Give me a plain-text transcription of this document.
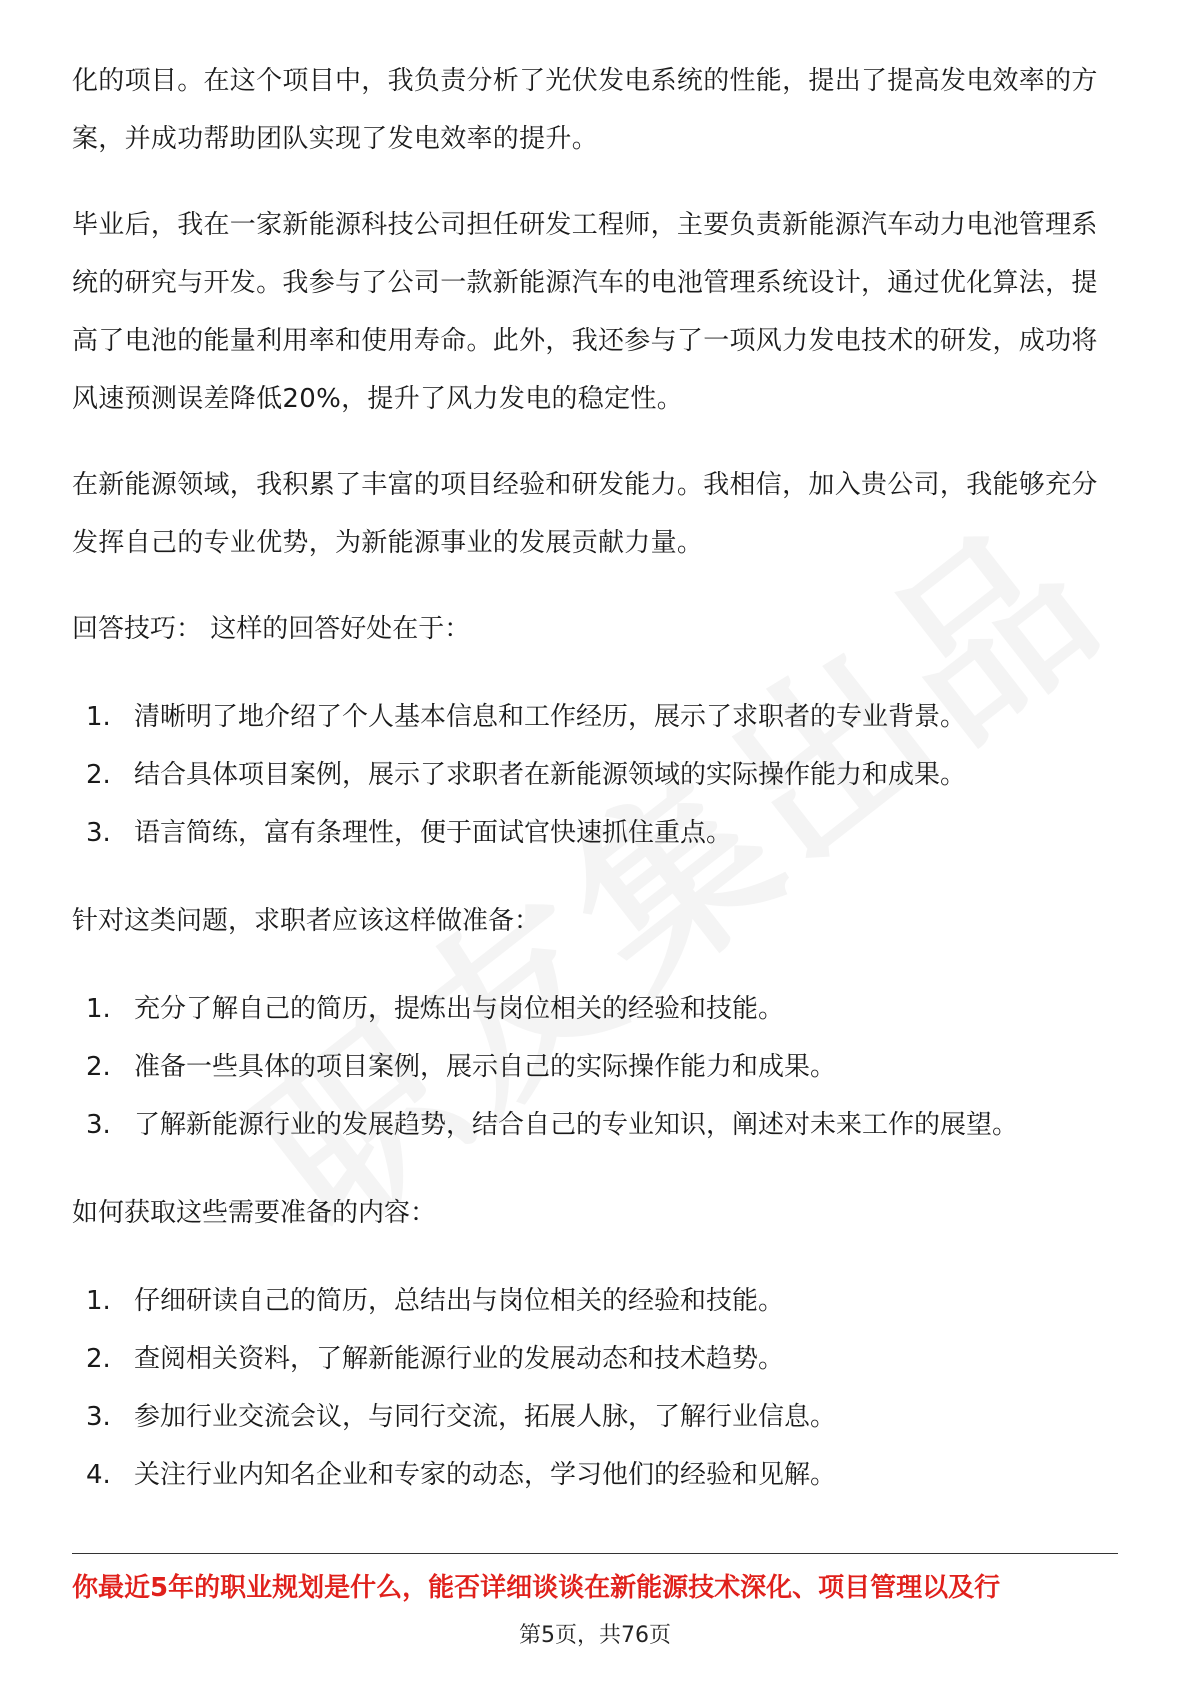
化的项目。在这个项目中，我负责分析了光伏发电系统的性能，提出了提高发电效率的方案，并成功帮助团队实现了发电效率的提升。

毕业后，我在一家新能源科技公司担任研发工程师，主要负责新能源汽车动力电池管理系统的研究与开发。我参与了公司一款新能源汽车的电池管理系统设计，通过优化算法，提高了电池的能量利用率和使用寿命。此外，我还参与了一项风力发电技术的研发，成功将风速预测误差降低20%，提升了风力发电的稳定性。

在新能源领域，我积累了丰富的项目经验和研发能力。我相信，加入贵公司，我能够充分发挥自己的专业优势，为新能源事业的发展贡献力量。

回答技巧： 这样的回答好处在于：

1. 清晰明了地介绍了个人基本信息和工作经历，展示了求职者的专业背景。
2. 结合具体项目案例，展示了求职者在新能源领域的实际操作能力和成果。
3. 语言简练，富有条理性，便于面试官快速抓住重点。

针对这类问题，求职者应该这样做准备：

1. 充分了解自己的简历，提炼出与岗位相关的经验和技能。
2. 准备一些具体的项目案例，展示自己的实际操作能力和成果。
3. 了解新能源行业的发展趋势，结合自己的专业知识，阐述对未来工作的展望。

如何获取这些需要准备的内容：

1. 仔细研读自己的简历，总结出与岗位相关的经验和技能。
2. 查阅相关资料，了解新能源行业的发展动态和技术趋势。
3. 参加行业交流会议，与同行交流，拓展人脉，了解行业信息。
4. 关注行业内知名企业和专家的动态，学习他们的经验和见解。
你最近5年的职业规划是什么，能否详细谈谈在新能源技术深化、项目管理以及行
第5页，共76页
